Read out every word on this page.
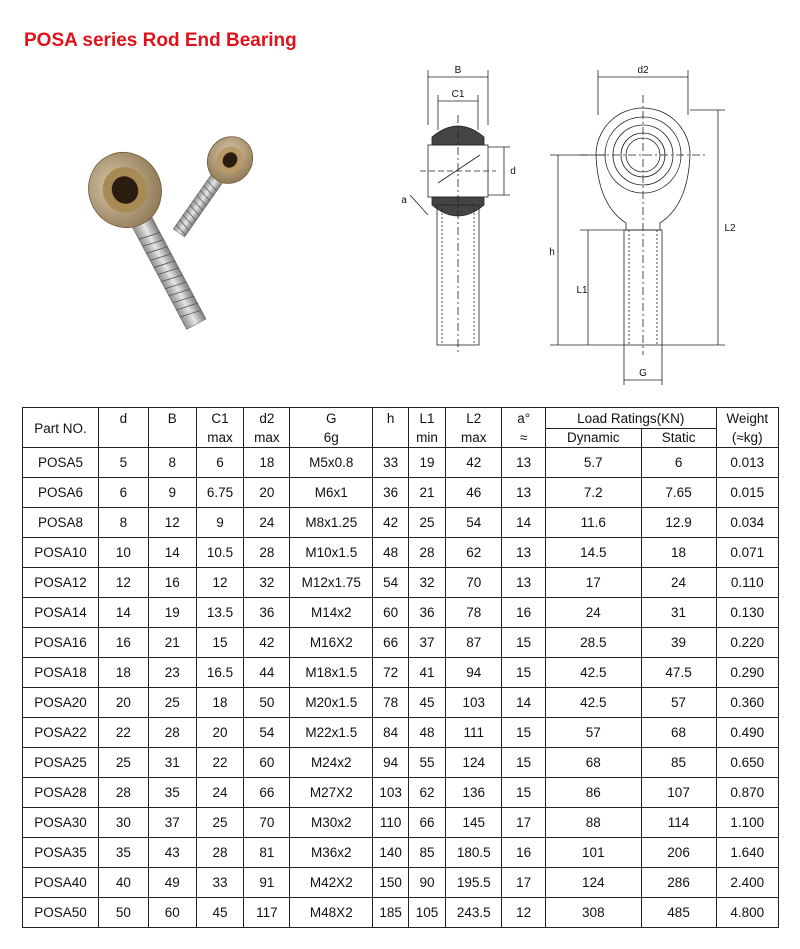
POSA series Rod End Bearing
B
C1
d
a
d2
L2
h
L1
G
Part NO.	d	B	C1	d2	G	h	L1	L2	a°	Load Ratings(KN)		Weight
			max	max	6g		min	max	≈	Dynamic	Static	(≈kg)
POSA5	5	8	6	18	M5x0.8	33	19	42	13	5.7	6	0.013
POSA6	6	9	6.75	20	M6x1	36	21	46	13	7.2	7.65	0.015
POSA8	8	12	9	24	M8x1.25	42	25	54	14	11.6	12.9	0.034
POSA10	10	14	10.5	28	M10x1.5	48	28	62	13	14.5	18	0.071
POSA12	12	16	12	32	M12x1.75	54	32	70	13	17	24	0.110
POSA14	14	19	13.5	36	M14x2	60	36	78	16	24	31	0.130
POSA16	16	21	15	42	M16X2	66	37	87	15	28.5	39	0.220
POSA18	18	23	16.5	44	M18x1.5	72	41	94	15	42.5	47.5	0.290
POSA20	20	25	18	50	M20x1.5	78	45	103	14	42.5	57	0.360
POSA22	22	28	20	54	M22x1.5	84	48	111	15	57	68	0.490
POSA25	25	31	22	60	M24x2	94	55	124	15	68	85	0.650
POSA28	28	35	24	66	M27X2	103	62	136	15	86	107	0.870
POSA30	30	37	25	70	M30x2	110	66	145	17	88	114	1.100
POSA35	35	43	28	81	M36x2	140	85	180.5	16	101	206	1.640
POSA40	40	49	33	91	M42X2	150	90	195.5	17	124	286	2.400
POSA50	50	60	45	117	M48X2	185	105	243.5	12	308	485	4.800
